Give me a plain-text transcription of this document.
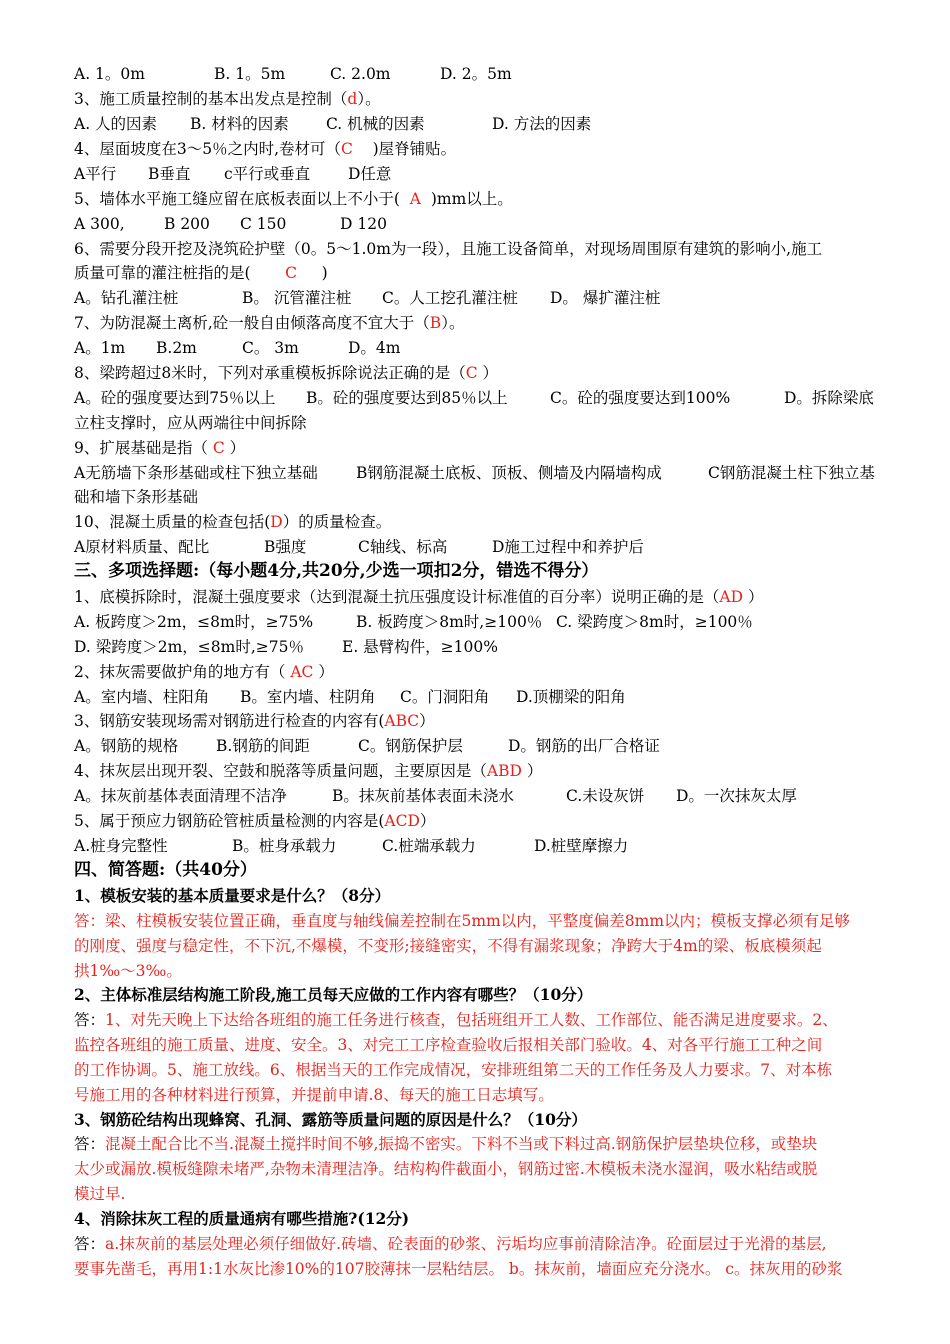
A. 1。0m	B. 1。5m	C. 2.0m	D. 2。5m
3、施工质量控制的基本出发点是控制（d）。
A. 人的因素 B. 材料的因素 C. 机械的因素	D. 方法的因素
4、屋面坡度在3～5％之内时,卷材可（C )屋脊铺贴。
A平行 B垂直 c平行或垂直 D任意
5、墙体水平施工缝应留在底板表面以上不小于( A )mm以上。
A 300,	B 200 C 150	D 120
6、需要分段开挖及浇筑砼护壁（0。5～1.0m为一段），且施工设备简单，对现场周围原有建筑的影响小,施工
质量可靠的灌注桩指的是( C )
A。钻孔灌注桩	B。 沉管灌注桩 C。人工挖孔灌注桩 D。 爆扩灌注桩
7、为防混凝土离析,砼一般自由倾落高度不宜大于（B）。
A。1m B.2m	C。 3m	D。4m
8、梁跨超过8米时，下列对承重模板拆除说法正确的是（C ）
A。砼的强度要达到75％以上 B。砼的强度要达到85％以上	C。砼的强度要达到100%	D。拆除梁底
立柱支撑时，应从两端往中间拆除
9、扩展基础是指（ C ）
A无筋墙下条形基础或柱下独立基础 B钢筋混凝土底板、顶板、侧墙及内隔墙构成	C钢筋混凝土柱下独立基
础和墙下条形基础
10、混凝土质量的检查包括(D）的质量检查。
A原材料质量、配比	B强度	C轴线、标高	D施工过程中和养护后
三、多项选择题:（每小题4分,共20分,少选一项扣2分，错选不得分）
1、底模拆除时，混凝土强度要求（达到混凝土抗压强度设计标准值的百分率）说明正确的是（AD ）
A. 板跨度＞2m，≤8m时，≥75%	B. 板跨度＞8m时,≥100％ C. 梁跨度＞8m时，≥100％
D. 梁跨度＞2m，≤8m时,≥75％ E. 悬臂构件，≥100%
2、抹灰需要做护角的地方有（ AC ）
A。室内墙、柱阳角 B。室内墙、柱阴角 C。门洞阳角 D.顶棚梁的阳角
3、钢筋安装现场需对钢筋进行检查的内容有(ABC）
A。钢筋的规格 B.钢筋的间距	C。钢筋保护层	D。钢筋的出厂合格证
4、抹灰层出现开裂、空鼓和脱落等质量问题，主要原因是（ABD ）
A。抹灰前基体表面清理不洁净	B。抹灰前基体表面未浇水	C.未设灰饼 D。一次抹灰太厚
5、属于预应力钢筋砼管桩质量检测的内容是(ACD）
A.桩身完整性	B。桩身承载力	C.桩端承载力	D.桩壁摩擦力
四、简答题:（共40分）
1、模板安装的基本质量要求是什么？（8分）
答：梁、柱模板安装位置正确，垂直度与轴线偏差控制在5mm以内，平整度偏差8mm以内；模板支撑必须有足够
的刚度、强度与稳定性，不下沉,不爆模，不变形;接缝密实，不得有漏浆现象；净跨大于4m的梁、板底模须起
拱1‰～3‰。
2、主体标准层结构施工阶段,施工员每天应做的工作内容有哪些？（10分）
答：1、对先天晚上下达给各班组的施工任务进行核查，包括班组开工人数、工作部位、能否满足进度要求。2、
监控各班组的施工质量、进度、安全。3、对完工工序检查验收后报相关部门验收。4、对各平行施工工种之间
的工作协调。5、施工放线。6、根据当天的工作完成情况，安排班组第二天的工作任务及人力要求。7、对本栋
号施工用的各种材料进行预算，并提前申请.8、每天的施工日志填写。
3、钢筋砼结构出现蜂窝、孔洞、露筋等质量问题的原因是什么？（10分）
答：混凝土配合比不当.混凝土搅拌时间不够,振捣不密实。下料不当或下料过高.钢筋保护层垫块位移，或垫块
太少或漏放.模板缝隙未堵严,杂物未清理洁净。结构构件截面小，钢筋过密.木模板未浇水湿润，吸水粘结或脱
模过早.
4、消除抹灰工程的质量通病有哪些措施?(12分)
答：a.抹灰前的基层处理必须仔细做好.砖墙、砼表面的砂浆、污垢均应事前清除洁净。砼面层过于光滑的基层,
要事先凿毛，再用1:1水灰比渗10%的107胶薄抹一层粘结层。 b。抹灰前，墙面应充分浇水。 c。抹灰用的砂浆
